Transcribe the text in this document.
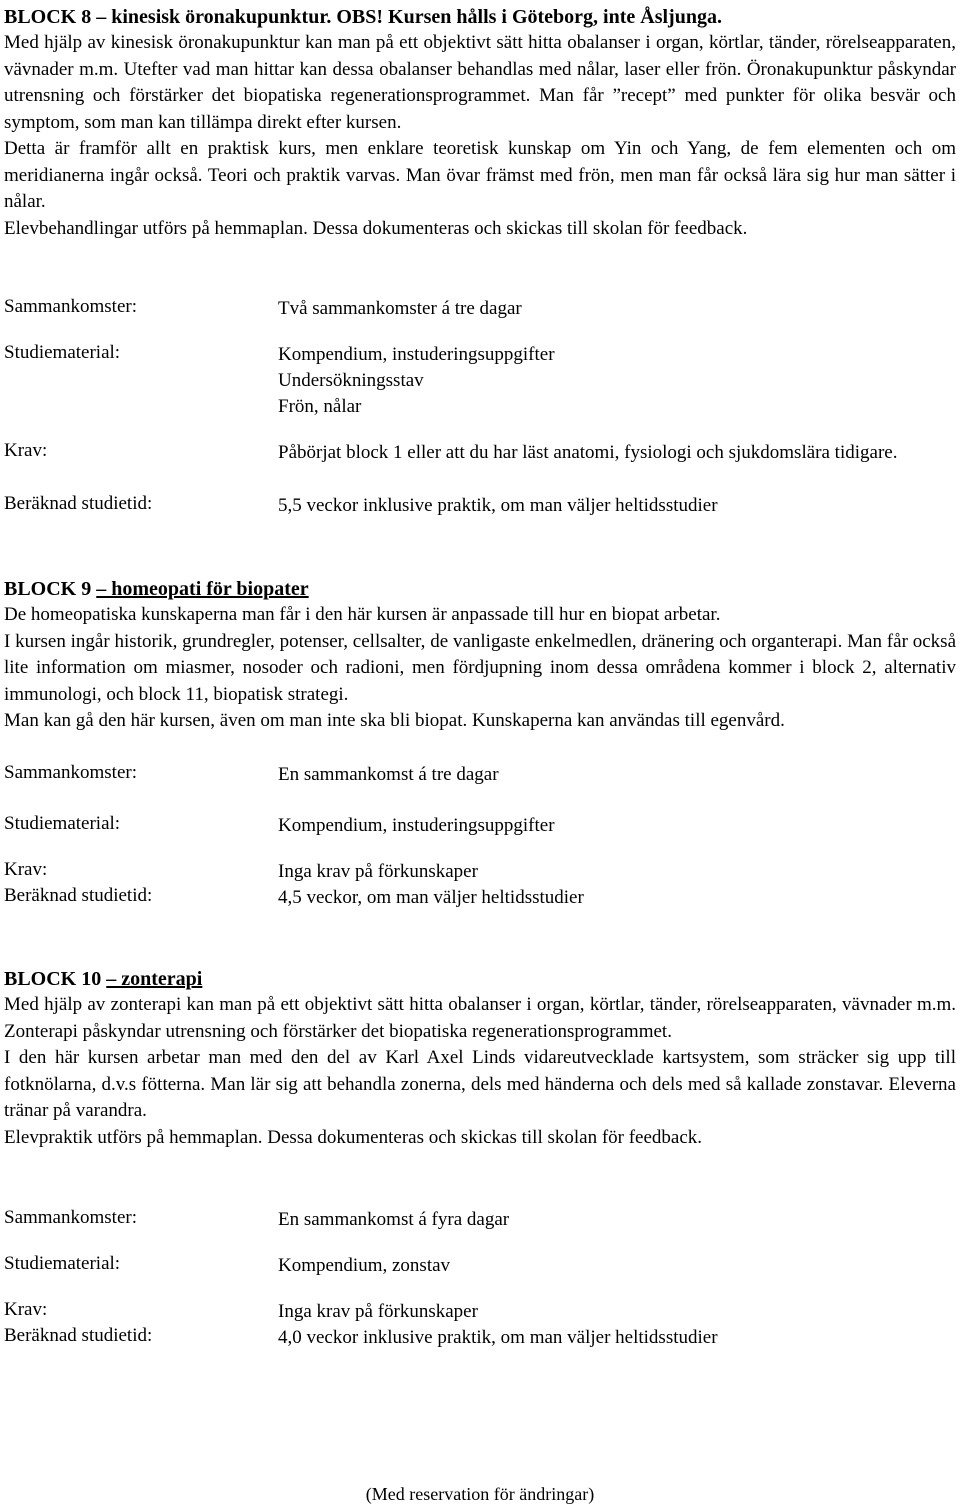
BLOCK 8 – kinesisk öronakupunktur. OBS! Kursen hålls i Göteborg, inte Åsljunga.

Med hjälp av kinesisk öronakupunktur kan man på ett objektivt sätt hitta obalanser i organ, körtlar, tänder, rörelseapparaten, vävnader m.m. Utefter vad man hittar kan dessa obalanser behandlas med nålar, laser eller frön. Öronakupunktur påskyndar utrensning och förstärker det biopatiska regenerationsprogrammet. Man får ”recept” med punkter för olika besvär och symptom, som man kan tillämpa direkt efter kursen.

Detta är framför allt en praktisk kurs, men enklare teoretisk kunskap om Yin och Yang, de fem elementen och om meridianerna ingår också. Teori och praktik varvas. Man övar främst med frön, men man får också lära sig hur man sätter i nålar.

Elevbehandlingar utförs på hemmaplan. Dessa dokumenteras och skickas till skolan för feedback.

Sammankomster:	Två sammankomster á tre dagar
Studiematerial:	Kompendium, instuderingsuppgifter
Undersökningsstav
Frön, nålar
Krav:	Påbörjat block 1 eller att du har läst anatomi, fysiologi och sjukdomslära tidigare.
Beräknad studietid:	5,5 veckor inklusive praktik, om man väljer heltidsstudier
BLOCK 9 – homeopati för biopater

De homeopatiska kunskaperna man får i den här kursen är anpassade till hur en biopat arbetar.

I kursen ingår historik, grundregler, potenser, cellsalter, de vanligaste enkelmedlen, dränering och organterapi. Man får också lite information om miasmer, nosoder och radioni, men fördjupning inom dessa områdena kommer i block 2, alternativ immunologi, och block 11, biopatisk strategi.

Man kan gå den här kursen, även om man inte ska bli biopat. Kunskaperna kan användas till egenvård.

Sammankomster:	En sammankomst á tre dagar
Studiematerial:	Kompendium, instuderingsuppgifter
Krav:	Inga krav på förkunskaper
Beräknad studietid:	4,5 veckor, om man väljer heltidsstudier
BLOCK 10 – zonterapi

Med hjälp av zonterapi kan man på ett objektivt sätt hitta obalanser i organ, körtlar, tänder, rörelseapparaten, vävnader m.m. Zonterapi påskyndar utrensning och förstärker det biopatiska regenerationsprogrammet.

I den här kursen arbetar man med den del av Karl Axel Linds vidareutvecklade kartsystem, som sträcker sig upp till fotknölarna, d.v.s fötterna. Man lär sig att behandla zonerna, dels med händerna och dels med så kallade zonstavar. Eleverna tränar på varandra.

Elevpraktik utförs på hemmaplan. Dessa dokumenteras och skickas till skolan för feedback.

Sammankomster:	En sammankomst á fyra dagar
Studiematerial:	Kompendium, zonstav
Krav:	Inga krav på förkunskaper
Beräknad studietid:	4,0 veckor inklusive praktik, om man väljer heltidsstudier
(Med reservation för ändringar)
